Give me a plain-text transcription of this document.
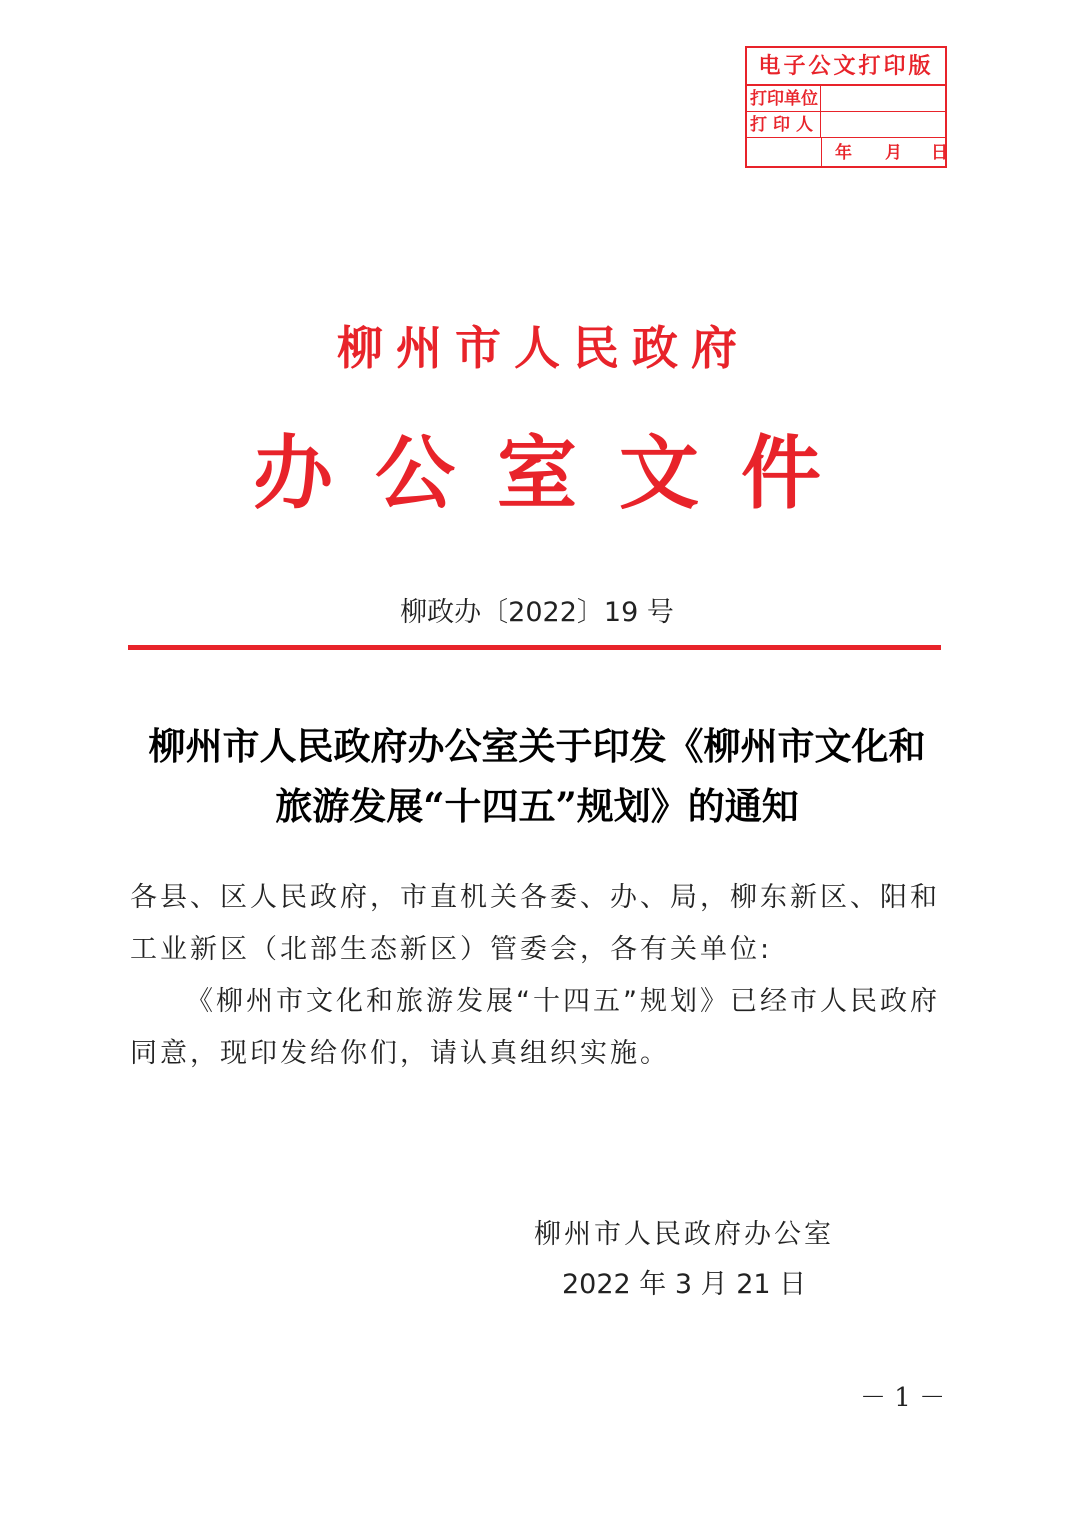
电子公文打印版
打印单位
打印人
年 月 日
柳州市人民政府
办公室文件
柳政办〔2022〕19 号
柳州市人民政府办公室关于印发《柳州市文化和
旅游发展“十四五”规划》的通知

各县、区人民政府，市直机关各委、办、局，柳东新区、阳和工业新区（北部生态新区）管委会，各有关单位:

《柳州市文化和旅游发展“十四五”规划》已经市人民政府同意，现印发给你们，请认真组织实施。

柳州市人民政府办公室
2022 年 3 月 21 日
－ 1 －
